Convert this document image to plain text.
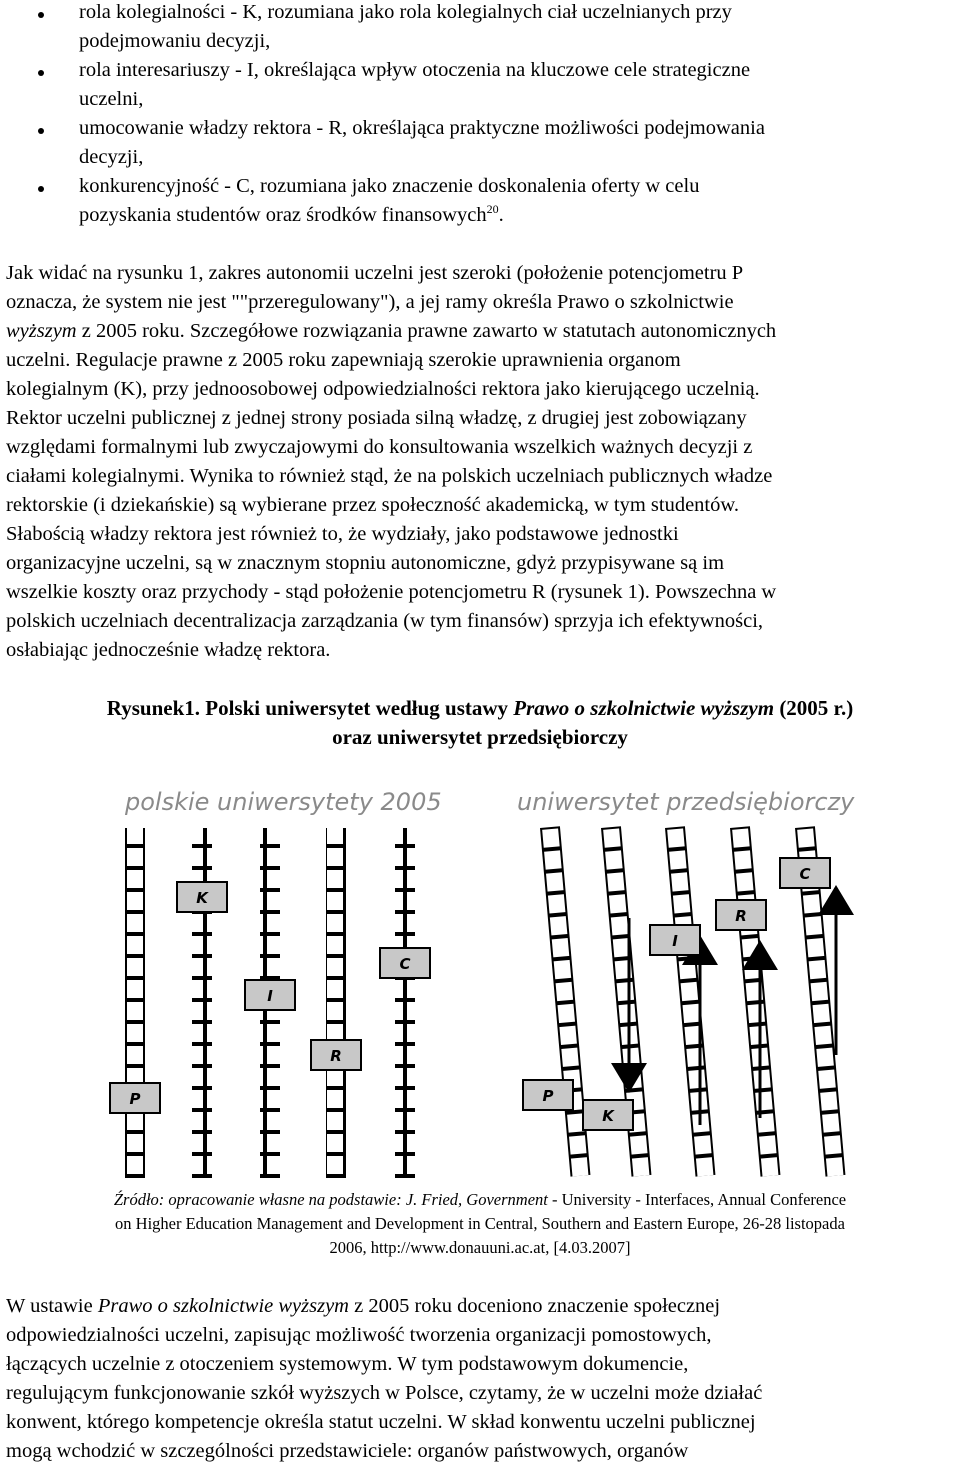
rola kolegialności - K, rozumiana jako rola kolegialnych ciał uczelnianych przy
podejmowaniu decyzji,
rola interesariuszy - I, określająca wpływ otoczenia na kluczowe cele strategiczne
uczelni,
umocowanie władzy rektora - R, określająca praktyczne możliwości podejmowania
decyzji,
konkurencyjność - C, rozumiana jako znaczenie doskonalenia oferty w celu
pozyskania studentów oraz środków finansowych$^{20}$.
Jak widać na rysunku 1, zakres autonomii uczelni jest szeroki (położenie potencjometru P
oznacza, że system nie jest ""przeregulowany"), a jej ramy określa Prawo o szkolnictwie
wyższym z 2005 roku. Szczegółowe rozwiązania prawne zawarto w statutach autonomicznych
uczelni. Regulacje prawne z 2005 roku zapewniają szerokie uprawnienia organom
kolegialnym (K), przy jednoosobowej odpowiedzialności rektora jako kierującego uczelnią.
Rektor uczelni publicznej z jednej strony posiada silną władzę, z drugiej jest zobowiązany
względami formalnymi lub zwyczajowymi do konsultowania wszelkich ważnych decyzji z
ciałami kolegialnymi. Wynika to również stąd, że na polskich uczelniach publicznych władze
rektorskie (i dziekańskie) są wybierane przez społeczność akademicką, w tym studentów.
Słabością władzy rektora jest również to, że wydziały, jako podstawowe jednostki
organizacyjne uczelni, są w znacznym stopniu autonomiczne, gdyż przypisywane są im
wszelkie koszty oraz przychody - stąd położenie potencjometru R (rysunek 1). Powszechna w
polskich uczelniach decentralizacja zarządzania (w tym finansów) sprzyja ich efektywności,
osłabiając jednocześnie władzę rektora.
Rysunek1. Polski uniwersytet według ustawy Prawo o szkolnictwie wyższym (2005 r.)
oraz uniwersytet przedsiębiorczy
polskie uniwersytety 2005	uniwersytet przedsiębiorczy
P
K
I
R
C
P
K
I
R
C
Źródło: opracowanie własne na podstawie: J. Fried, Government - University - Interfaces, Annual Conference
on Higher Education Management and Development in Central, Southern and Eastern Europe, 26-28 listopada
2006, http://www.donauuni.ac.at, [4.03.2007]
W ustawie Prawo o szkolnictwie wyższym z 2005 roku doceniono znaczenie społecznej
odpowiedzialności uczelni, zapisując możliwość tworzenia organizacji pomostowych,
łączących uczelnie z otoczeniem systemowym. W tym podstawowym dokumencie,
regulującym funkcjonowanie szkół wyższych w Polsce, czytamy, że w uczelni może działać
konwent, którego kompetencje określa statut uczelni. W skład konwentu uczelni publicznej
mogą wchodzić w szczególności przedstawiciele: organów państwowych, organów
